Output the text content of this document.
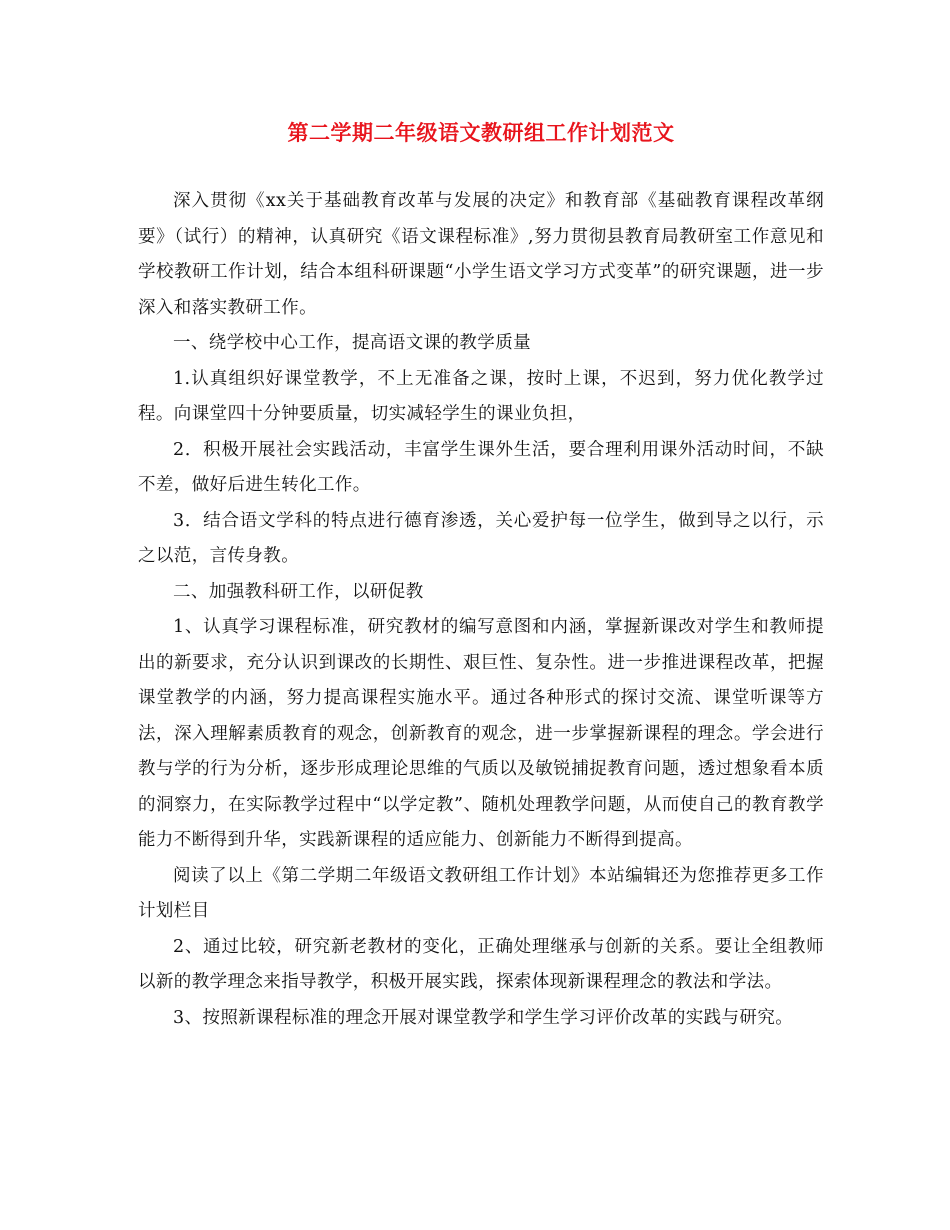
第二学期二年级语文教研组工作计划范文

深入贯彻《xx关于基础教育改革与发展的决定》和教育部《基础教育课程改革纲要》（试行）的精神，认真研究《语文课程标准》,努力贯彻县教育局教研室工作意见和学校教研工作计划，结合本组科研课题“小学生语文学习方式变革”的研究课题，进一步深入和落实教研工作。

一、绕学校中心工作，提高语文课的教学质量

1.认真组织好课堂教学，不上无准备之课，按时上课，不迟到，努力优化教学过程。向课堂四十分钟要质量，切实减轻学生的课业负担，

2．积极开展社会实践活动，丰富学生课外生活，要合理利用课外活动时间，不缺不差，做好后进生转化工作。

3．结合语文学科的特点进行德育渗透，关心爱护每一位学生，做到导之以行，示之以范，言传身教。

二、加强教科研工作，以研促教

1、认真学习课程标准，研究教材的编写意图和内涵，掌握新课改对学生和教师提出的新要求，充分认识到课改的长期性、艰巨性、复杂性。进一步推进课程改革，把握课堂教学的内涵，努力提高课程实施水平。通过各种形式的探讨交流、课堂听课等方法，深入理解素质教育的观念，创新教育的观念，进一步掌握新课程的理念。学会进行教与学的行为分析，逐步形成理论思维的气质以及敏锐捕捉教育问题，透过想象看本质的洞察力，在实际教学过程中“以学定教”、随机处理教学问题，从而使自己的教育教学能力不断得到升华，实践新课程的适应能力、创新能力不断得到提高。

阅读了以上《第二学期二年级语文教研组工作计划》本站编辑还为您推荐更多工作计划栏目

2、通过比较，研究新老教材的变化，正确处理继承与创新的关系。要让全组教师以新的教学理念来指导教学，积极开展实践，探索体现新课程理念的教法和学法。

3、按照新课程标准的理念开展对课堂教学和学生学习评价改革的实践与研究。
